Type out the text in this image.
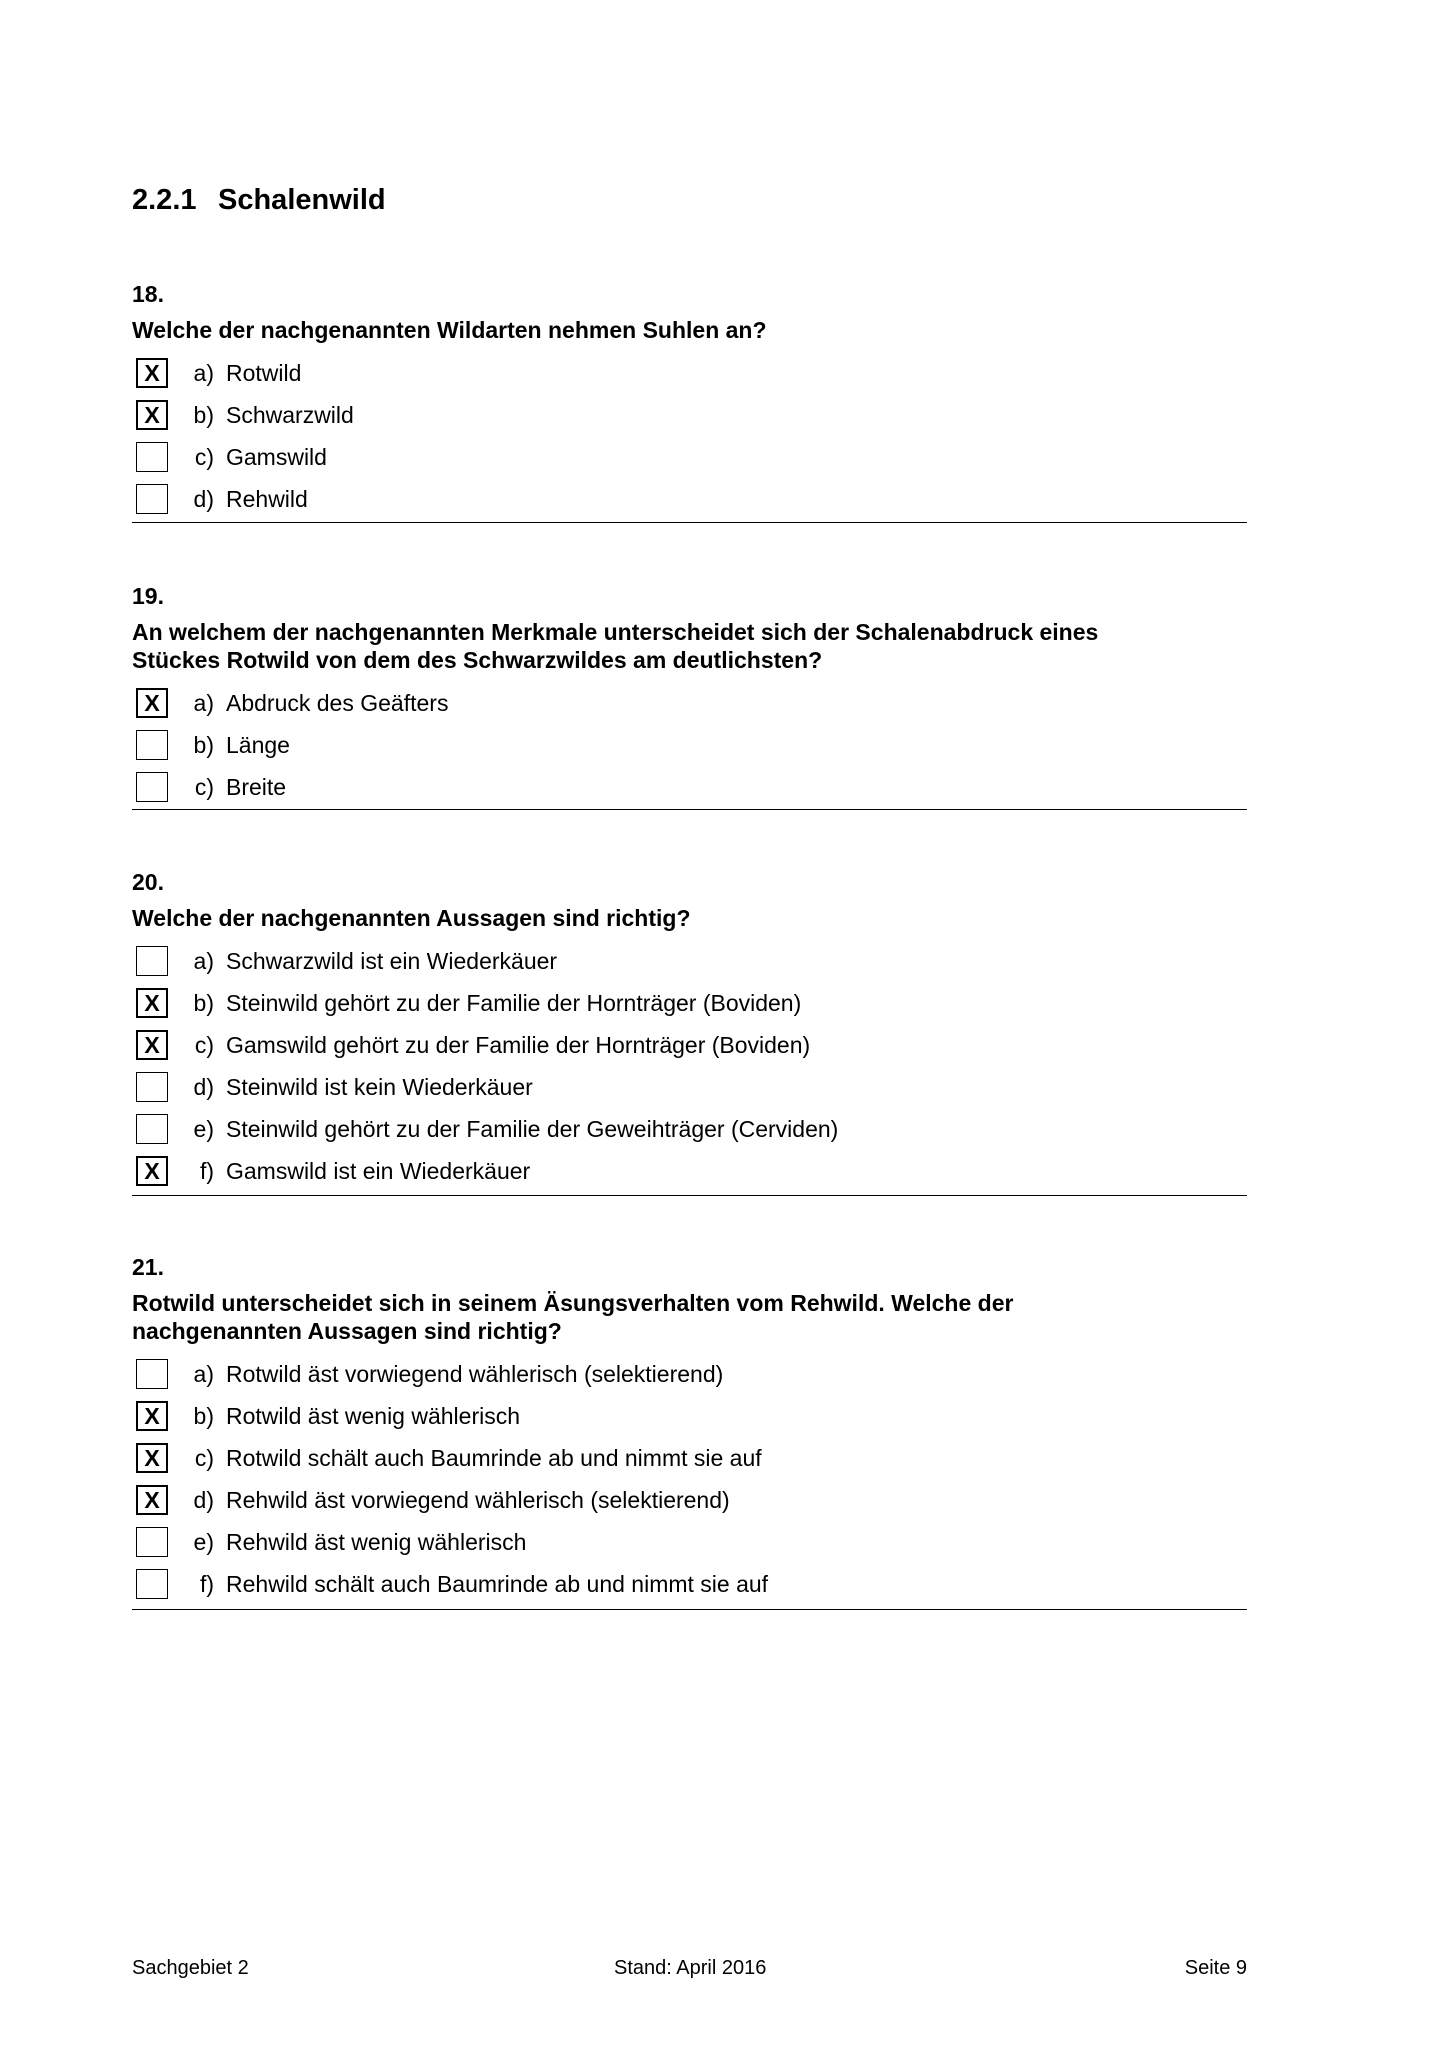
2.2.1 Schalenwild
18.
Welche der nachgenannten Wildarten nehmen Suhlen an?
X	a) Rotwild
X	b) Schwarzwild
c) Gamswild
d) Rehwild
19.
An welchem der nachgenannten Merkmale unterscheidet sich der Schalenabdruck eines
Stückes Rotwild von dem des Schwarzwildes am deutlichsten?
X	a) Abdruck des Geäfters
b) Länge
c) Breite
20.
Welche der nachgenannten Aussagen sind richtig?
a) Schwarzwild ist ein Wiederkäuer
X	b) Steinwild gehört zu der Familie der Hornträger (Boviden)
X	c) Gamswild gehört zu der Familie der Hornträger (Boviden)
d) Steinwild ist kein Wiederkäuer
e) Steinwild gehört zu der Familie der Geweihträger (Cerviden)
X	f) Gamswild ist ein Wiederkäuer
21.
Rotwild unterscheidet sich in seinem Äsungsverhalten vom Rehwild. Welche der
nachgenannten Aussagen sind richtig?
a) Rotwild äst vorwiegend wählerisch (selektierend)
X	b) Rotwild äst wenig wählerisch
X	c) Rotwild schält auch Baumrinde ab und nimmt sie auf
X	d) Rehwild äst vorwiegend wählerisch (selektierend)
e) Rehwild äst wenig wählerisch
f) Rehwild schält auch Baumrinde ab und nimmt sie auf
Sachgebiet 2	Stand: April 2016	Seite 9
